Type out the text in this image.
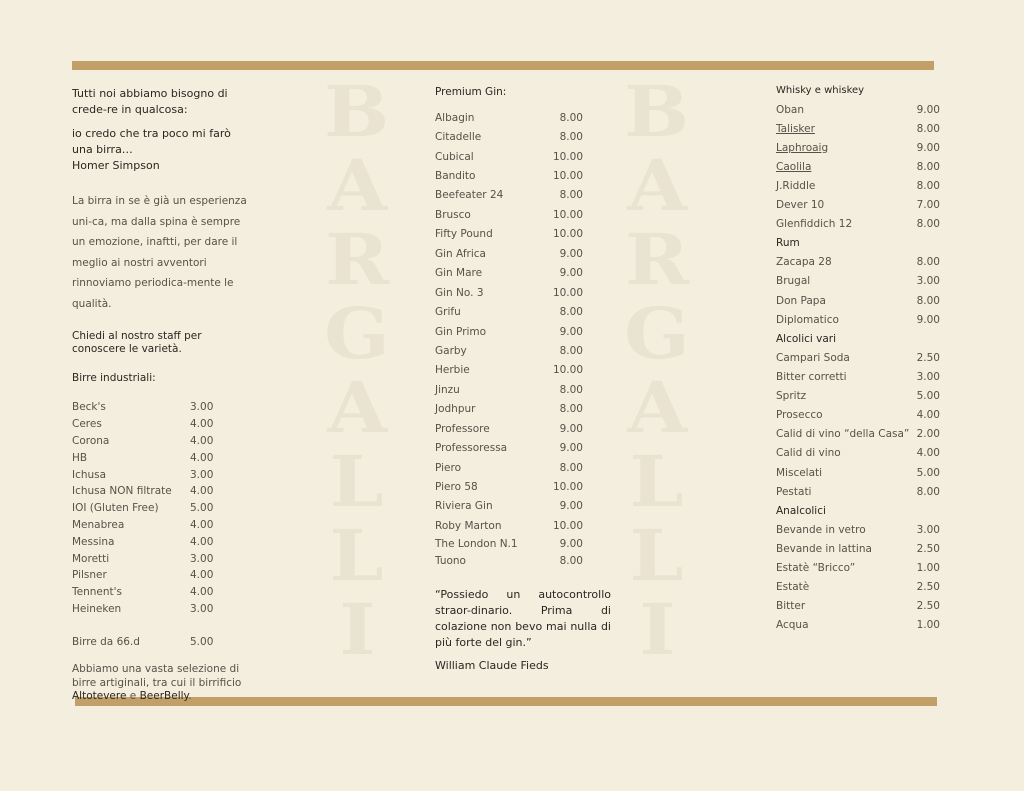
B
A
R
G
A
L
L
I
B
A
R
G
A
L
L
I
Tutti noi abbiamo bisogno di crede-re in qualcosa:
io credo che tra poco mi farò una birra…
Homer Simpson
La birra in se è già un esperienza uni-ca, ma dalla spina è sempre un emozione, inaftti, per dare il meglio ai nostri avventori rinnoviamo periodica-mente le qualità.
Chiedi al nostro staff per conoscere le varietà.
Birre industriali:
Beck's	3.00
Ceres	4.00
Corona	4.00
HB	4.00
Ichusa	3.00
Ichusa NON filtrate	4.00
IOI (Gluten Free)	5.00
Menabrea	4.00
Messina	4.00
Moretti	3.00
Pilsner	4.00
Tennent's	4.00
Heineken	3.00
Birre da 66.d	5.00
Abbiamo una vasta selezione di birre artiginali, tra cui il birrificio Altotevere e BeerBelly.
Premium Gin:
Albagin	8.00
Citadelle	8.00
Cubical	10.00
Bandito	10.00
Beefeater 24	8.00
Brusco	10.00
Fifty Pound	10.00
Gin Africa	9.00
Gin Mare	9.00
Gin No. 3	10.00
Grifu	8.00
Gin Primo	9.00
Garby	8.00
Herbie	10.00
Jinzu	8.00
Jodhpur	8.00
Professore	9.00
Professoressa	9.00
Piero	8.00
Piero 58	10.00
Riviera Gin	9.00
Roby Marton	10.00
The London N.1	9.00
Tuono	8.00
“Possiedo un autocontrollo straor-dinario. Prima di colazione non bevo mai nulla di più forte del gin.”
William Claude Fieds
Whisky e whiskey
Oban	9.00
Talisker	8.00
Laphroaig	9.00
Caolila	8.00
J.Riddle	8.00
Dever 10	7.00
Glenfiddich 12	8.00
Rum
Zacapa 28	8.00
Brugal	3.00
Don Papa	8.00
Diplomatico	9.00
Alcolici vari
Campari Soda	2.50
Bitter corretti	3.00
Spritz	5.00
Prosecco	4.00
Calid di vino “della Casa” 2.00
Calid di vino	4.00
Miscelati	5.00
Pestati	8.00
Analcolici
Bevande in vetro	3.00
Bevande in lattina	2.50
Estatè “Bricco”	1.00
Estatè	2.50
Bitter	2.50
Acqua	1.00
